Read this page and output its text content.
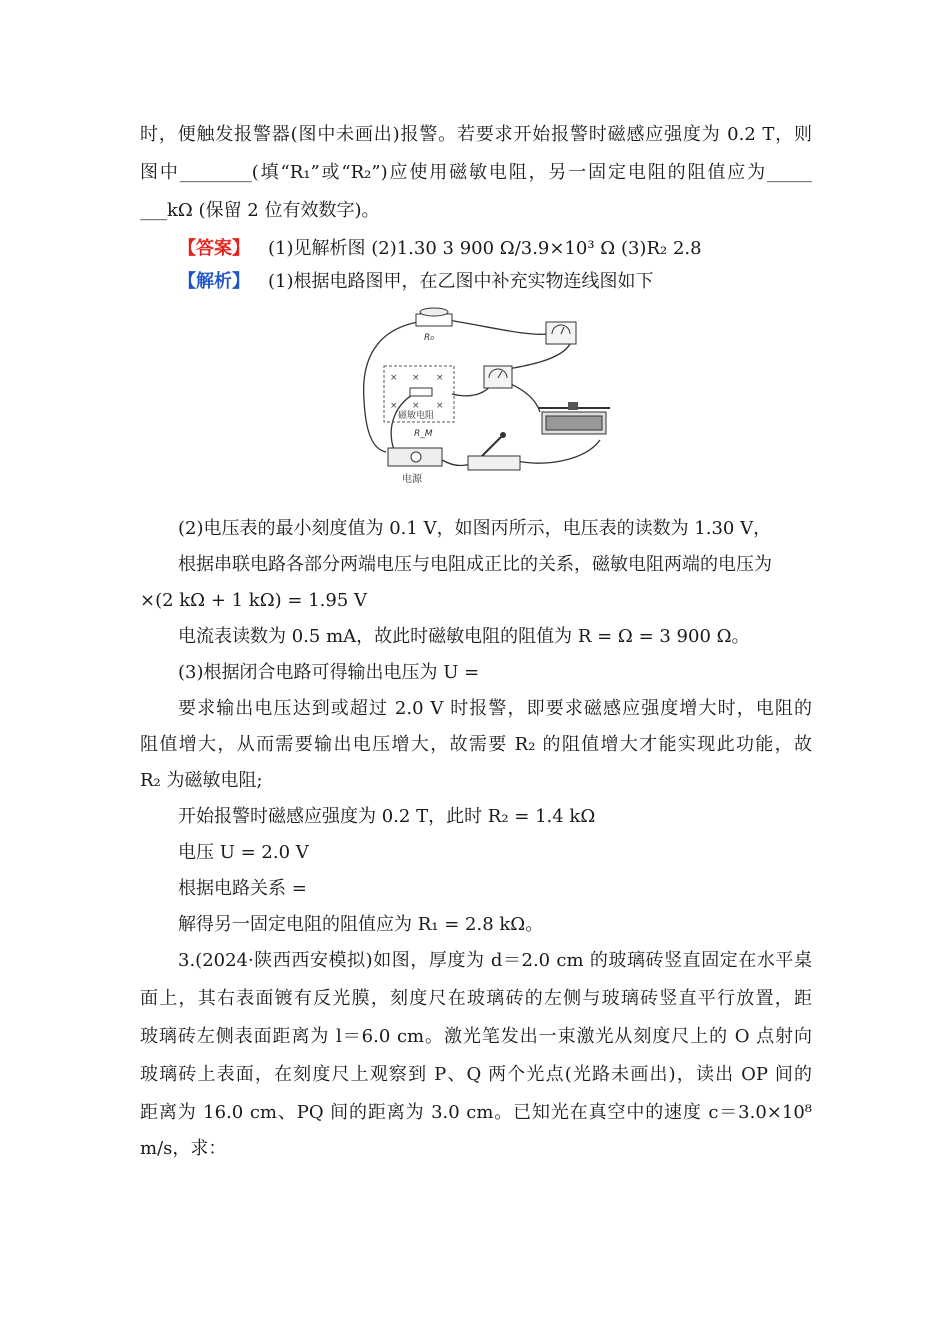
时，便触发报警器(图中未画出)报警。若要求开始报警时磁感应强度为 0.2 T，则
图中________(填“R₁”或“R₂”)应使用磁敏电阻，另一固定电阻的阻值应为_____
___kΩ (保留 2 位有效数字)。
【答案】 (1)见解析图 (2)1.30 3 900 Ω/3.9×10³ Ω (3)R₂ 2.8
【解析】 (1)根据电路图甲，在乙图中补充实物连线图如下
R₀
× × ×
× × ×
磁敏电阻
R_M
电源
(2)电压表的最小刻度值为 0.1 V，如图丙所示，电压表的读数为 1.30 V，
根据串联电路各部分两端电压与电阻成正比的关系，磁敏电阻两端的电压为
×(2 kΩ + 1 kΩ) = 1.95 V
电流表读数为 0.5 mA，故此时磁敏电阻的阻值为 R = Ω = 3 900 Ω。
(3)根据闭合电路可得输出电压为 U =
要求输出电压达到或超过 2.0 V 时报警，即要求磁感应强度增大时，电阻的
阻值增大，从而需要输出电压增大，故需要 R₂ 的阻值增大才能实现此功能，故
R₂ 为磁敏电阻;
开始报警时磁感应强度为 0.2 T，此时 R₂ = 1.4 kΩ
电压 U = 2.0 V
根据电路关系 =
解得另一固定电阻的阻值应为 R₁ = 2.8 kΩ。
3.(2024·陕西西安模拟)如图，厚度为 d＝2.0 cm 的玻璃砖竖直固定在水平桌
面上，其右表面镀有反光膜，刻度尺在玻璃砖的左侧与玻璃砖竖直平行放置，距
玻璃砖左侧表面距离为 l＝6.0 cm。激光笔发出一束激光从刻度尺上的 O 点射向
玻璃砖上表面，在刻度尺上观察到 P、Q 两个光点(光路未画出)，读出 OP 间的
距离为 16.0 cm、PQ 间的距离为 3.0 cm。已知光在真空中的速度 c＝3.0×10⁸
m/s，求：
